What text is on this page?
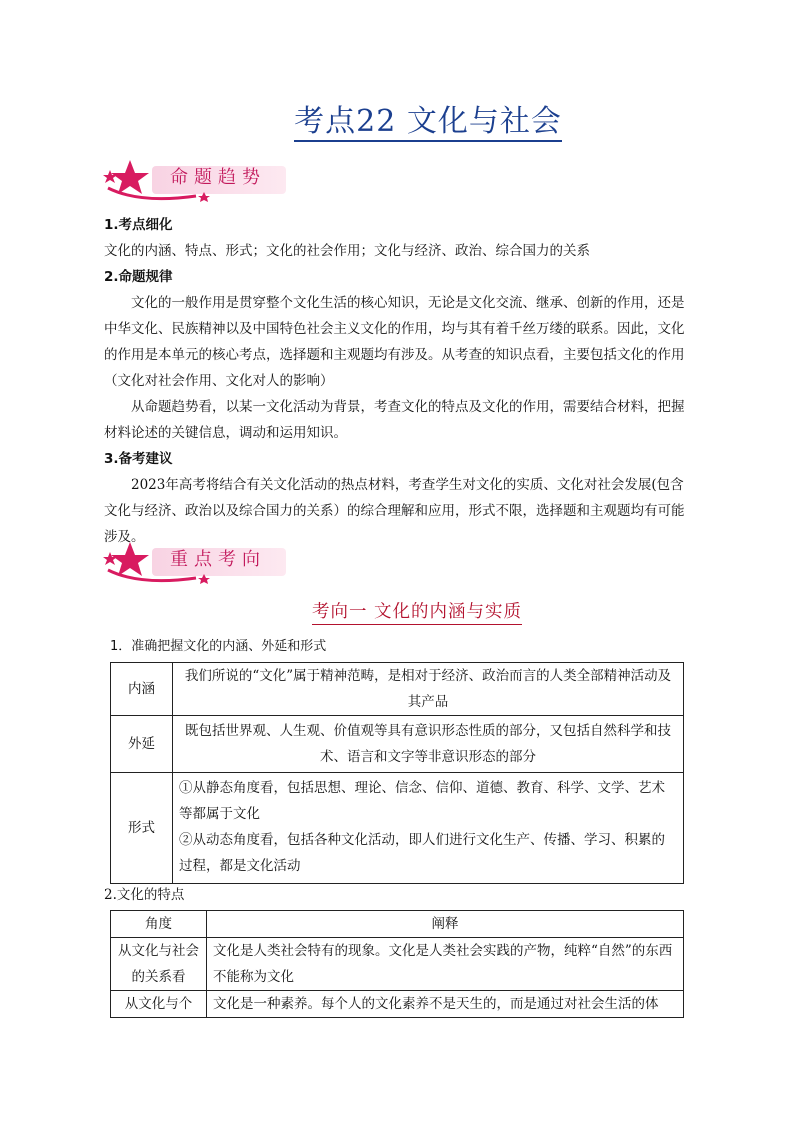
考点22 文化与社会
命题趋势
1.考点细化
文化的内涵、特点、形式；文化的社会作用；文化与经济、政治、综合国力的关系
2.命题规律
文化的一般作用是贯穿整个文化生活的核心知识，无论是文化交流、继承、创新的作用，还是中华文化、民族精神以及中国特色社会主义文化的作用，均与其有着千丝万缕的联系。因此，文化的作用是本单元的核心考点，选择题和主观题均有涉及。从考查的知识点看，主要包括文化的作用（文化对社会作用、文化对人的影响）
从命题趋势看，以某一文化活动为背景，考查文化的特点及文化的作用，需要结合材料，把握材料论述的关键信息，调动和运用知识。
3.备考建议
2023年高考将结合有关文化活动的热点材料，考查学生对文化的实质、文化对社会发展(包含文化与经济、政治以及综合国力的关系）的综合理解和应用，形式不限，选择题和主观题均有可能涉及。
重点考向
考向一 文化的内涵与实质
1．准确把握文化的内涵、外延和形式
内涵	我们所说的“文化”属于精神范畴，是相对于经济、政治而言的人类全部精神活动及其产品
外延	既包括世界观、人生观、价值观等具有意识形态性质的部分，又包括自然科学和技术、语言和文字等非意识形态的部分
形式	①从静态角度看，包括思想、理论、信念、信仰、道德、教育、科学、文学、艺术等都属于文化
②从动态角度看，包括各种文化活动，即人们进行文化生产、传播、学习、积累的过程，都是文化活动
2.文化的特点
角度	阐释
从文化与社会的关系看	文化是人类社会特有的现象。文化是人类社会实践的产物，纯粹“自然”的东西不能称为文化
从文化与个	文化是一种素养。每个人的文化素养不是天生的，而是通过对社会生活的体
